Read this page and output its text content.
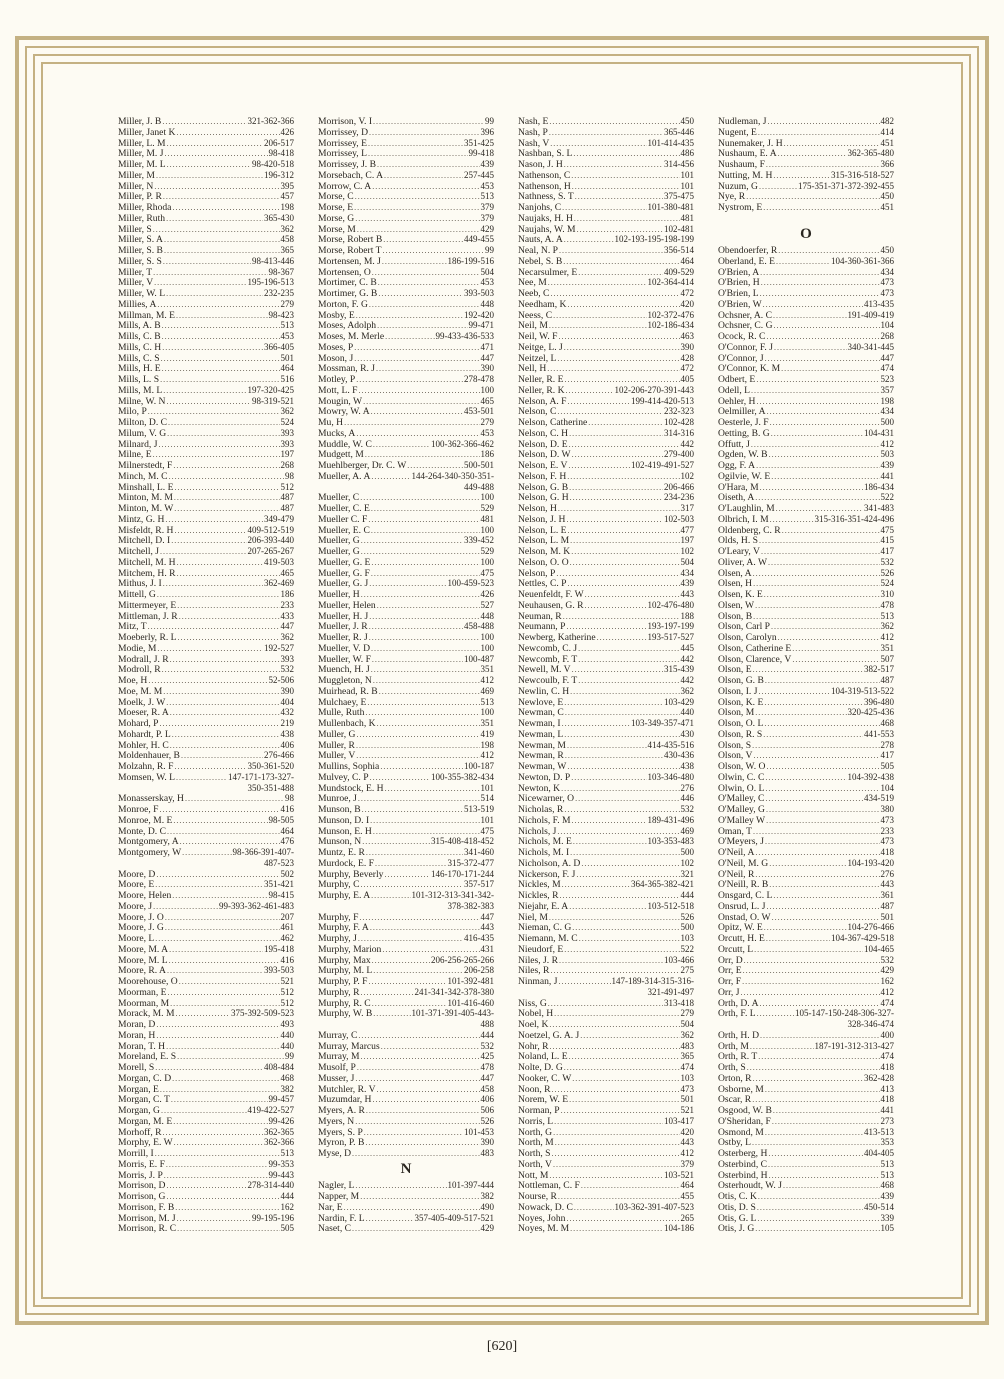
Miller, J. B .....	321-362-366
Miller, Janet K .....	426
Miller, L. M .....	206-517
Miller, M. J .....	98-418
Miller, M. L .....	98-420-518
Miller, M .....	196-312
Miller, N .....	395
Miller, P. R .....	457
Miller, Rhoda .....	198
Miller, Ruth .....	365-430
Miller, S .....	362
Miller, S. A .....	458
Miller, S. B .....	365
Miller, S. S .....	98-413-446
Miller, T .....	98-367
Miller, V .....	195-196-513
Miller, W. L .....	232-235
Millies, A .....	279
Millman, M. E .....	98-423
Mills, A. B .....	513
Mills, C. B .....	453
Mills, C. H .....	366-405
Mills, C. S .....	501
Mills, H. E .....	464
Mills, L. S .....	516
Mills, M. L .....	197-320-425
Milne, W. N .....	98-319-521
Milo, P .....	362
Milton, D. C .....	524
Milum, V. G .....	393
Milnard, J .....	393
Milne, E .....	197
Milnerstedt, F .....	268
Minch, M. C .....	98
Minshall, L. E .....	512
Minton, M. M .....	487
Minton, M. W .....	487
Mintz, G. H .....	349-479
Misfeldt, R. H .....	409-512-519
Mitchell, D. I .....	206-393-440
Mitchell, J .....	207-265-267
Mitchell, M. H .....	419-503
Mitchem, H. R .....	465
Mithus, J. I .....	362-469
Mittell, G .....	186
Mittermeyer, E .....	233
Mittleman, J. R .....	433
Mitz, T .....	447
Moeberly, R. L .....	362
Modie, M .....	192-527
Modrall, J. R .....	393
Modroll, R .....	532
Moe, H .....	52-506
Moe, M. M .....	390
Moelk, J. W .....	404
Moeser, R. A .....	432
Mohard, P .....	219
Mohardt, P. L .....	438
Mohler, H. C .....	406
Moldenhauer, B .....	276-466
Molzahn, R. F .....	350-361-520
Momsen, W. L .....	147-171-173-327-
350-351-488
Monasserskay, H .....	98
Monroe, F .....	416
Monroe, M. E .....	98-505
Monte, D. C .....	464
Montgomery, A .....	476
Montgomery, W .....	98-366-391-407-
487-523
Moore, D .....	502
Moore, E .....	351-421
Moore, Helen .....	98-415
Moore, J .....	99-393-362-461-483
Moore, J. O .....	207
Moore, J. G .....	461
Moore, L .....	462
Moore, M. A .....	195-418
Moore, M. L .....	416
Moore, R. A .....	393-503
Moorehouse, O .....	521
Moorman, E .....	512
Moorman, M .....	512
Morack, M. M .....	375-392-509-523
Moran, D .....	493
Moran, H .....	440
Moran, T. H .....	440
Moreland, E. S .....	99
Morell, S .....	408-484
Morgan, C. D .....	468
Morgan, E .....	382
Morgan, C. T .....	99-457
Morgan, G .....	419-422-527
Morgan, M. E .....	99-426
Morhoff, R .....	362-365
Morphy, E. W .....	362-366
Morrill, I .....	513
Morris, E. F .....	99-353
Morris, J. P .....	99-443
Morrison, D .....	278-314-440
Morrison, G .....	444
Morrison, F. B .....	162
Morrison, M. J .....	99-195-196
Morrison, R. C .....	505
Morrison, V. I .....	99
Morrissey, D .....	396
Morrissey, E .....	351-425
Morrissey, L .....	99-418
Morrissey, J. B .....	439
Morsebach, C. A .....	257-445
Morrow, C. A .....	453
Morse, C .....	513
Morse, E .....	379
Morse, G .....	379
Morse, M .....	429
Morse, Robert B .....	449-455
Morse, Robert T .....	99
Mortensen, M. J .....	186-199-516
Mortensen, O .....	504
Mortimer, C. B .....	453
Mortimer, G. B .....	393-503
Morton, F. G .....	448
Mosby, E .....	192-420
Moses, Adolph .....	99-471
Moses, M. Merle .....	99-433-436-533
Moses, P .....	471
Moson, J .....	447
Mossman, R. J .....	390
Motley, P .....	278-478
Mott, L. F .....	100
Mougin, W .....	465
Mowry, W. A .....	453-501
Mu, H .....	279
Mucks, A .....	453
Muddle, W. C .....	100-362-366-462
Mudgett, M .....	186
Muehlberger, Dr. C. W .....	500-501
Mueller, A. A .....	144-264-340-350-351-
449-488
Mueller, C .....	100
Mueller, C. E .....	529
Mueller C. F .....	481
Mueller, E. C .....	100
Mueller, G .....	339-452
Mueller, G .....	529
Mueller, G. E .....	100
Mueller, G. F .....	475
Mueller, G. J .....	100-459-523
Mueller, H .....	426
Mueller, Helen .....	527
Mueller, H. J .....	448
Mueller, J. R .....	458-488
Mueller, R. J .....	100
Mueller, V. D .....	100
Mueller, W. F .....	100-487
Muench, H. J .....	351
Muggleton, N .....	412
Muirhead, R. B .....	469
Mulchaey, E .....	513
Mulle, Ruth .....	100
Mullenbach, K .....	351
Muller, G .....	419
Muller, R .....	198
Muller, V .....	412
Mullins, Sophia .....	100-187
Mulvey, C. P .....	100-355-382-434
Mundstock, E. H .....	101
Munroe, J .....	514
Munson, B .....	513-519
Munson, D. I .....	101
Munson, E. H .....	475
Munson, N .....	315-408-418-452
Muntz, E. R .....	341-460
Murdock, E. F .....	315-372-477
Murphy, Beverly .....	146-170-171-244
Murphy, C .....	357-517
Murphy, E. A .....	101-312-313-341-342-
378-382-383
Murphy, F .....	447
Murphy, F. A .....	443
Murphy, J .....	416-435
Murphy, Marion .....	431
Murphy, Max .....	206-256-265-266
Murphy, M. L .....	206-258
Murphy, P. F .....	101-392-481
Murphy, R .....	241-341-342-378-380
Murphy, R. C .....	101-416-460
Murphy, W. B .....	101-371-391-405-443-
488
Murray, C .....	444
Murray, Marcus .....	532
Murray, M .....	425
Musolf, P .....	478
Musser, J .....	447
Mutchler, R. V .....	458
Muzumdar, H .....	406
Myers, A. R .....	506
Myers, N .....	526
Myers, S. P .....	101-453
Myron, P. B .....	390
Myse, D .....	483
N
Nagler, L .....	101-397-444
Napper, M .....	382
Nar, E .....	490
Nardin, F. L .....	357-405-409-517-521
Naset, C .....	429
Nash, E .....	450
Nash, P .....	365-446
Nash, V .....	101-414-435
Nashban, S. L .....	486
Nason, J. H .....	314-456
Nathenson, C .....	101
Nathenson, H .....	101
Nathness, S. T .....	375-475
Nanjohs, C .....	101-380-481
Naujaks, H. H .....	481
Naujahs, W. M .....	102-481
Nauts, A. A .....	102-193-195-198-199
Neal, N. P .....	356-514
Nebel, S. B .....	464
Necarsulmer, E .....	409-529
Nee, M .....	102-364-414
Neeb, C .....	472
Needham, K .....	420
Neess, C .....	102-372-476
Neil, M .....	102-186-434
Neil, W. F .....	463
Neitge, L. J .....	390
Neitzel, L .....	428
Nell, H .....	472
Neller, R. E .....	405
Neller, R. K .....	102-206-270-391-443
Nelson, A. F .....	199-414-420-513
Nelson, C .....	232-323
Nelson, Catherine .....	102-428
Nelson, C. H .....	314-316
Nelson, D. E .....	442
Nelson, D. W .....	279-400
Nelson, E. V .....	102-419-491-527
Nelson, F. H .....	102
Nelson, G. B .....	206-466
Nelson, G. H .....	234-236
Nelson, H .....	317
Nelson, J. H .....	102-503
Nelson, L. E .....	477
Nelson, L. M .....	197
Nelson, M. K .....	102
Nelson, O. O .....	504
Nelson, P .....	434
Nettles, C. P .....	439
Neuenfeldt, F. W .....	443
Neuhausen, G. R .....	102-476-480
Neuman, R .....	188
Neumann, P .....	193-197-199
Newberg, Katherine .....	193-517-527
Newcomb, C. J .....	445
Newcomb, F. T .....	442
Newell, M. V .....	315-439
Newcoulb, F. T .....	442
Newlin, C. H .....	362
Newlove, E .....	103-429
Newman, C .....	440
Newman, I .....	103-349-357-471
Newman, L .....	430
Newman, M .....	414-435-516
Newman, R .....	430-436
Newman, W .....	438
Newton, D. P .....	103-346-480
Newton, K .....	276
Nicewarner, O .....	446
Nicholas, R .....	532
Nichols, F. M .....	189-431-496
Nichols, J .....	469
Nichols, M. E .....	103-353-483
Nichols, M. I .....	500
Nicholson, A. D .....	102
Nickerson, F. J .....	321
Nickles, M .....	364-365-382-421
Nickles, R .....	444
Niejahr, E. A .....	103-512-518
Niel, M .....	526
Nieman, C. G .....	500
Niemann, M. C .....	103
Nieudorf, E .....	522
Niles, J. R .....	103-466
Niles, R .....	275
Ninman, J .....	147-189-314-315-316-
321-491-497
Niss, G .....	313-418
Nobel, H .....	279
Noel, K .....	504
Noetzel, G. A. J .....	362
Nohr, R .....	483
Noland, L. E .....	365
Nolte, D. G .....	474
Nooker, C. W .....	103
Noon, R .....	473
Norem, W. E .....	501
Norman, P .....	521
Norris, L .....	103-417
North, G .....	420
North, M .....	443
North, S .....	412
North, V .....	379
Nott, M .....	103-521
Nottleman, C. F .....	464
Nourse, R .....	455
Nowack, D. C .....	103-362-391-407-523
Noyes, John .....	265
Noyes, M. M .....	104-186
Nudleman, J .....	482
Nugent, E .....	414
Nunemaker, J. H .....	451
Nushaum, E. A .....	362-365-480
Nushaum, F .....	366
Nutting, M. H .....	315-316-518-527
Nuzum, G .....	175-351-371-372-392-455
Nye, R .....	450
Nystrom, E .....	451
O
Obendoerfer, R .....	450
Oberland, E. E .....	104-360-361-366
O'Brien, A .....	434
O'Brien, H .....	473
O'Brien, L .....	473
O'Brien, W .....	413-435
Ochsner, A. C .....	191-409-419
Ochsner, C. G .....	104
Ocock, R. C .....	268
O'Connor, F. J .....	340-341-445
O'Connor, J .....	447
O'Connor, K. M .....	474
Odbert, E .....	523
Odell, L .....	357
Oehler, H .....	198
Oelmiller, A .....	434
Oesterle, J. F .....	500
Oetting, B. G .....	104-431
Offutt, J .....	412
Ogden, W. B .....	503
Ogg, F. A .....	439
Ogilvie, W. E .....	441
O'Hara, M .....	186-434
Oiseth, A .....	522
O'Laughlin, M .....	341-483
Olbrich, I. M .....	315-316-351-424-496
Oldenberg, C. R .....	475
Olds, H. S .....	415
O'Leary, V .....	417
Oliver, A. W .....	532
Olsen, A .....	526
Olsen, H .....	524
Olsen, K. E .....	310
Olsen, W .....	478
Olson, B .....	513
Olson, Carl P .....	362
Olson, Carolyn .....	412
Olson, Catherine E .....	351
Olson, Clarence, V .....	507
Olson, E .....	382-517
Olson, G. B .....	487
Olson, I. J .....	104-319-513-522
Olson, K. E .....	396-480
Olson, M .....	320-425-436
Olson, O. L .....	468
Olson, R. S .....	441-553
Olson, S .....	278
Olson, V .....	417
Olson, W. O .....	505
Olwin, C. C .....	104-392-438
Olwin, O. L .....	104
O'Malley, C .....	434-519
O'Malley, G .....	380
O'Malley W .....	473
Oman, T .....	233
O'Meyers, J .....	473
O'Neil, A .....	418
O'Neil, M. G .....	104-193-420
O'Neil, R .....	276
O'Neill, R. B .....	443
Onsgard, C. L .....	361
Onsrud, L. J .....	487
Onstad, O. W .....	501
Opitz, W. E .....	104-276-466
Orcutt, H. E .....	104-367-429-518
Orcutt, L .....	104-465
Orr, D .....	532
Orr, E .....	429
Orr, F .....	162
Orr, J .....	412
Orth, D. A .....	474
Orth, F. L .....	105-147-150-248-306-327-
328-346-474
Orth, H. D .....	400
Orth, M .....	187-191-312-313-427
Orth, R. T .....	474
Orth, S .....	418
Orton, R .....	362-428
Osborne, M .....	413
Oscar, R .....	418
Osgood, W. B .....	441
O'Sheridan, F .....	273
Osmond, M .....	413-513
Ostby, L .....	353
Osterberg, H .....	404-405
Osterbind, C .....	513
Osterbind, H .....	513
Osterhoudt, W. J .....	468
Otis, C. K .....	439
Otis, D. S .....	450-514
Otis, G. L .....	339
Otis, J. G .....	105
[620]
